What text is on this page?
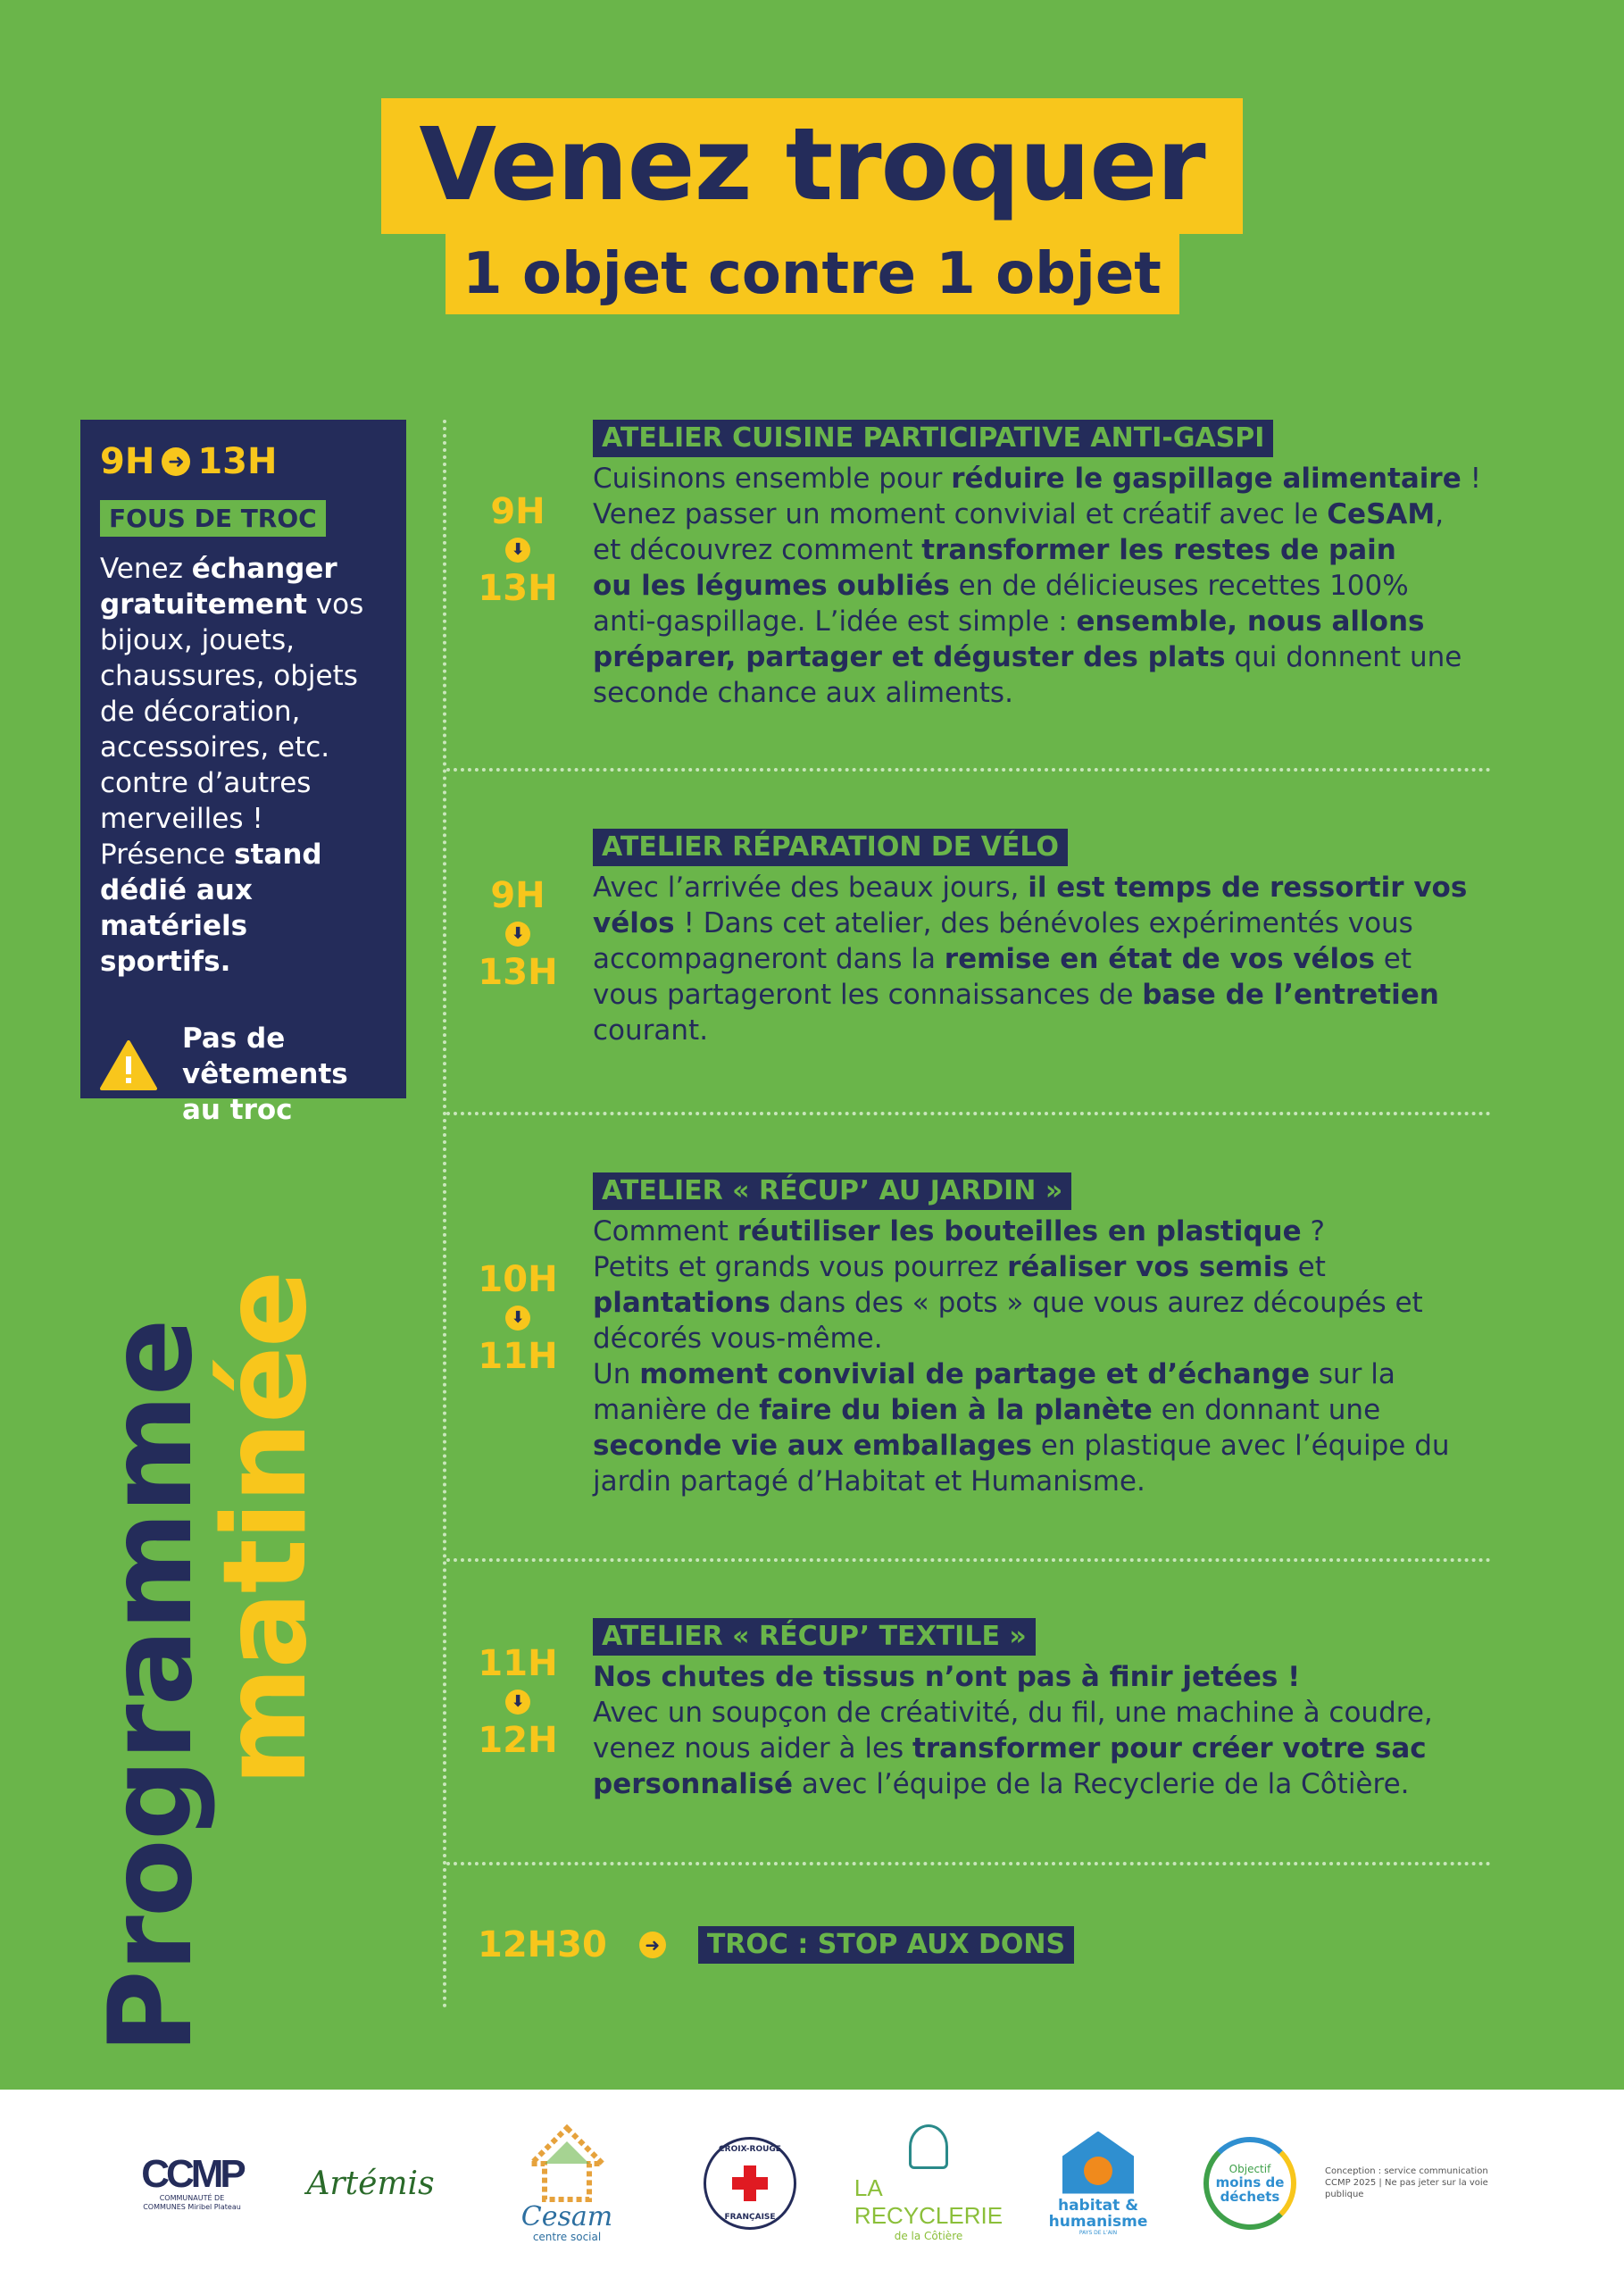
Venez troquer
1 objet contre 1 objet
9H ➜ 13H
FOUS DE TROC
Venez échanger gratuitement vos bijoux, jouets, chaussures, objets de décoration, accessoires, etc. contre d’autres merveilles ! Présence stand dédié aux matériels sportifs.
Pas de vêtements au troc
Programme
matinée
9H
⬇
13H
ATELIER CUISINE PARTICIPATIVE ANTI-GASPI
Cuisinons ensemble pour réduire le gaspillage alimentaire !
Venez passer un moment convivial et créatif avec le CeSAM,
et découvrez comment transformer les restes de pain
ou les légumes oubliés en de délicieuses recettes 100%
anti-gaspillage. L’idée est simple : ensemble, nous allons
préparer, partager et déguster des plats qui donnent une
seconde chance aux aliments.
9H
⬇
13H
ATELIER RÉPARATION DE VÉLO
Avec l’arrivée des beaux jours, il est temps de ressortir vos
vélos ! Dans cet atelier, des bénévoles expérimentés vous
accompagneront dans la remise en état de vos vélos et
vous partageront les connaissances de base de l’entretien
courant.
10H
⬇
11H
ATELIER « RÉCUP’ AU JARDIN »
Comment réutiliser les bouteilles en plastique ?
Petits et grands vous pourrez réaliser vos semis et
plantations dans des « pots » que vous aurez découpés et
décorés vous-même.
Un moment convivial de partage et d’échange sur la
manière de faire du bien à la planète en donnant une
seconde vie aux emballages en plastique avec l’équipe du
jardin partagé d’Habitat et Humanisme.
11H
⬇
12H
ATELIER « RÉCUP’ TEXTILE »
Nos chutes de tissus n’ont pas à finir jetées !
Avec un soupçon de créativité, du fil, une machine à coudre,
venez nous aider à les transformer pour créer votre sac
personnalisé avec l’équipe de la Recyclerie de la Côtière.
12H30	➜	TROC : STOP AUX DONS
CCMP
COMMUNAUTÉ DE COMMUNES Miribel Plateau
Artémis
Cesam
centre social
CROIX-ROUGE
FRANÇAISE
LA RECYCLERIE
de la Côtière
habitat & humanisme
PAYS DE L’AIN
Objectif
moins de déchets
Conception : service communication CCMP 2025 | Ne pas jeter sur la voie publique
